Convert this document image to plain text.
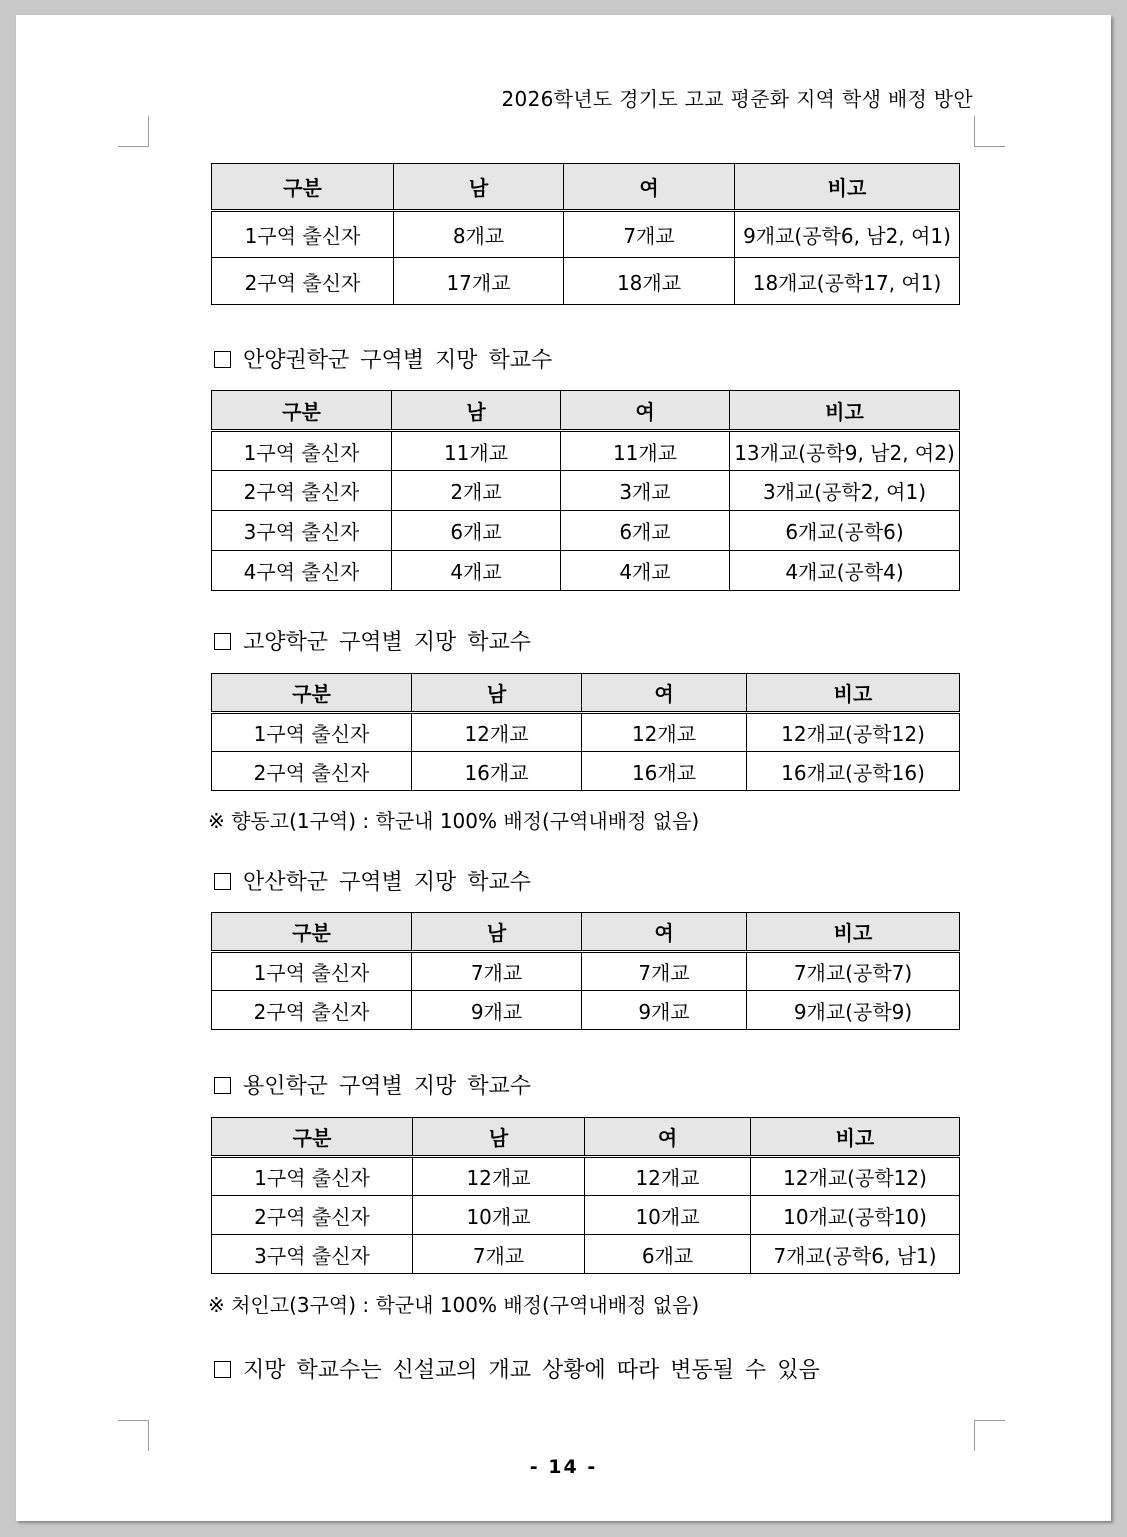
2026학년도 경기도 고교 평준화 지역 학생 배정 방안
구분	남	여	비고
1구역 출신자	8개교	7개교	9개교(공학6, 남2, 여1)
2구역 출신자	17개교	18개교	18개교(공학17, 여1)
안양권학군 구역별 지망 학교수
구분	남	여	비고
1구역 출신자	11개교	11개교	13개교(공학9, 남2, 여2)
2구역 출신자	2개교	3개교	3개교(공학2, 여1)
3구역 출신자	6개교	6개교	6개교(공학6)
4구역 출신자	4개교	4개교	4개교(공학4)
고양학군 구역별 지망 학교수
구분	남	여	비고
1구역 출신자	12개교	12개교	12개교(공학12)
2구역 출신자	16개교	16개교	16개교(공학16)
※ 향동고(1구역) : 학군내 100% 배정(구역내배정 없음)
안산학군 구역별 지망 학교수
구분	남	여	비고
1구역 출신자	7개교	7개교	7개교(공학7)
2구역 출신자	9개교	9개교	9개교(공학9)
용인학군 구역별 지망 학교수
구분	남	여	비고
1구역 출신자	12개교	12개교	12개교(공학12)
2구역 출신자	10개교	10개교	10개교(공학10)
3구역 출신자	7개교	6개교	7개교(공학6, 남1)
※ 처인고(3구역) : 학군내 100% 배정(구역내배정 없음)
지망 학교수는 신설교의 개교 상황에 따라 변동될 수 있음
- 14 -
